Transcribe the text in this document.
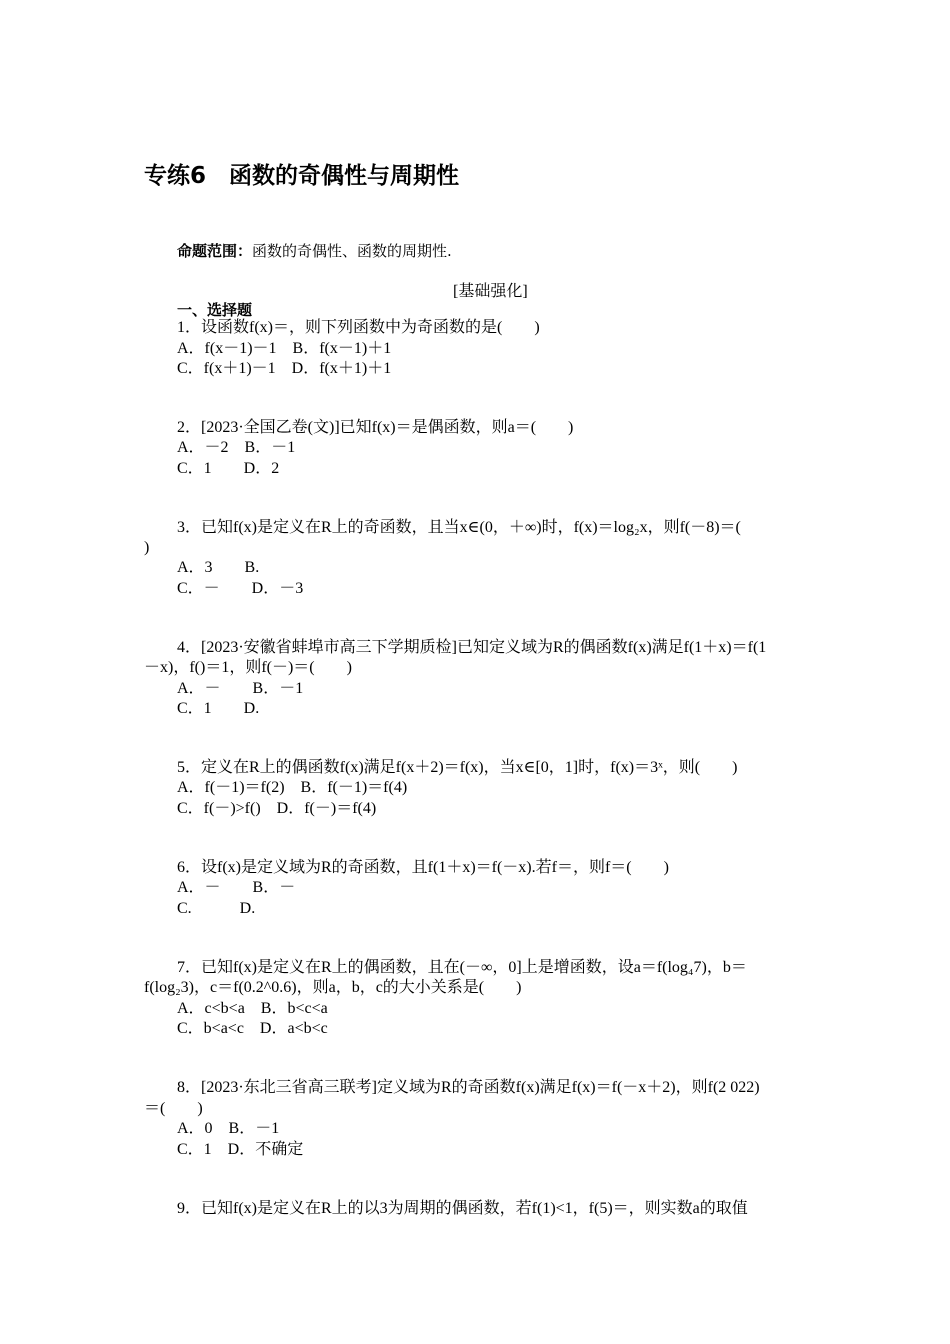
专练6　函数的奇偶性与周期性
命题范围：函数的奇偶性、函数的周期性.
[基础强化]
一、选择题
1．设函数f(x)＝，则下列函数中为奇函数的是(　　)
A．f(x－1)－1　B．f(x－1)＋1
C．f(x＋1)－1　D．f(x＋1)＋1
2．[2023·全国乙卷(文)]已知f(x)＝是偶函数，则a＝(　　)
A．－2　B．－1
C．1　　D．2
3．已知f(x)是定义在R上的奇函数，且当x∈(0，＋∞)时，f(x)＝log₂x，则f(－8)＝(
)
A．3　　B.
C．－　　D．－3
4．[2023·安徽省蚌埠市高三下学期质检]已知定义域为R的偶函数f(x)满足f(1＋x)＝f(1
－x)，f()＝1，则f(－)＝(　　)
A．－　　B．－1
C．1　　D.
5．定义在R上的偶函数f(x)满足f(x＋2)＝f(x)，当x∈[0，1]时，f(x)＝3ˣ，则(　　)
A．f(－1)＝f(2)　B．f(－1)＝f(4)
C．f(－)>f()　D．f(－)＝f(4)
6．设f(x)是定义域为R的奇函数，且f(1＋x)＝f(－x).若f＝，则f＝(　　)
A．－　　B．－
C.　　　D.
7．已知f(x)是定义在R上的偶函数，且在(－∞，0]上是增函数，设a＝f(log₄7)，b＝
f(log₂3)，c＝f(0.2^0.6)，则a，b，c的大小关系是(　　)
A．c<b<a　B．b<c<a
C．b<a<c　D．a<b<c
8．[2023·东北三省高三联考]定义域为R的奇函数f(x)满足f(x)＝f(－x＋2)，则f(2 022)
＝(　　)
A．0　B．－1
C．1　D．不确定
9．已知f(x)是定义在R上的以3为周期的偶函数，若f(1)<1，f(5)＝，则实数a的取值
